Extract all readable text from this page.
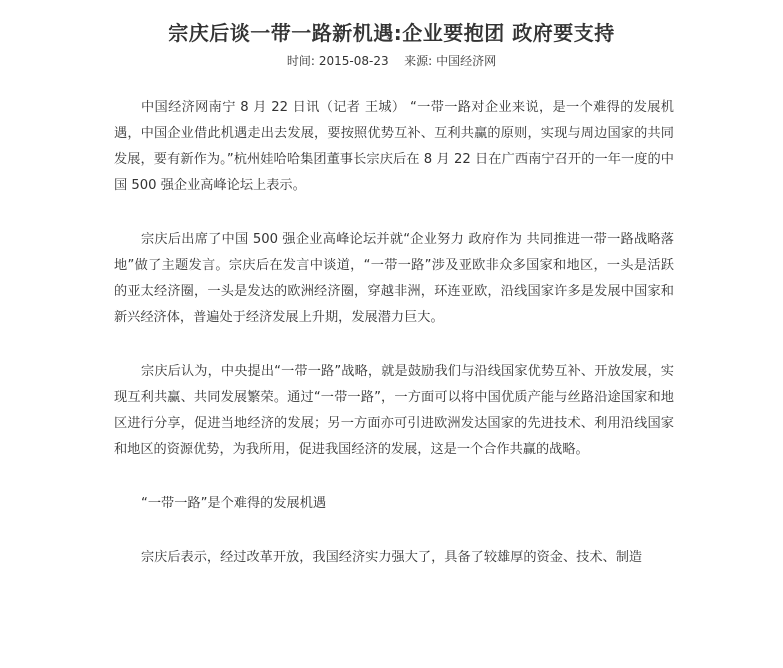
宗庆后谈一带一路新机遇:企业要抱团 政府要支持
时间: 2015-08-23 来源: 中国经济网

中国经济网南宁 8 月 22 日讯（记者 王城） “一带一路对企业来说，是一个难得的发展机遇，中国企业借此机遇走出去发展，要按照优势互补、互利共赢的原则，实现与周边国家的共同发展，要有新作为。”杭州娃哈哈集团董事长宗庆后在 8 月 22 日在广西南宁召开的一年一度的中国 500 强企业高峰论坛上表示。

宗庆后出席了中国 500 强企业高峰论坛并就“企业努力 政府作为 共同推进一带一路战略落地”做了主题发言。宗庆后在发言中谈道，“一带一路”涉及亚欧非众多国家和地区，一头是活跃的亚太经济圈，一头是发达的欧洲经济圈，穿越非洲，环连亚欧，沿线国家许多是发展中国家和新兴经济体，普遍处于经济发展上升期，发展潜力巨大。

宗庆后认为，中央提出“一带一路”战略，就是鼓励我们与沿线国家优势互补、开放发展，实现互利共赢、共同发展繁荣。通过“一带一路”，一方面可以将中国优质产能与丝路沿途国家和地区进行分享，促进当地经济的发展；另一方面亦可引进欧洲发达国家的先进技术、利用沿线国家和地区的资源优势，为我所用，促进我国经济的发展，这是一个合作共赢的战略。

“一带一路”是个难得的发展机遇

宗庆后表示，经过改革开放，我国经济实力强大了，具备了较雄厚的资金、技术、制造
